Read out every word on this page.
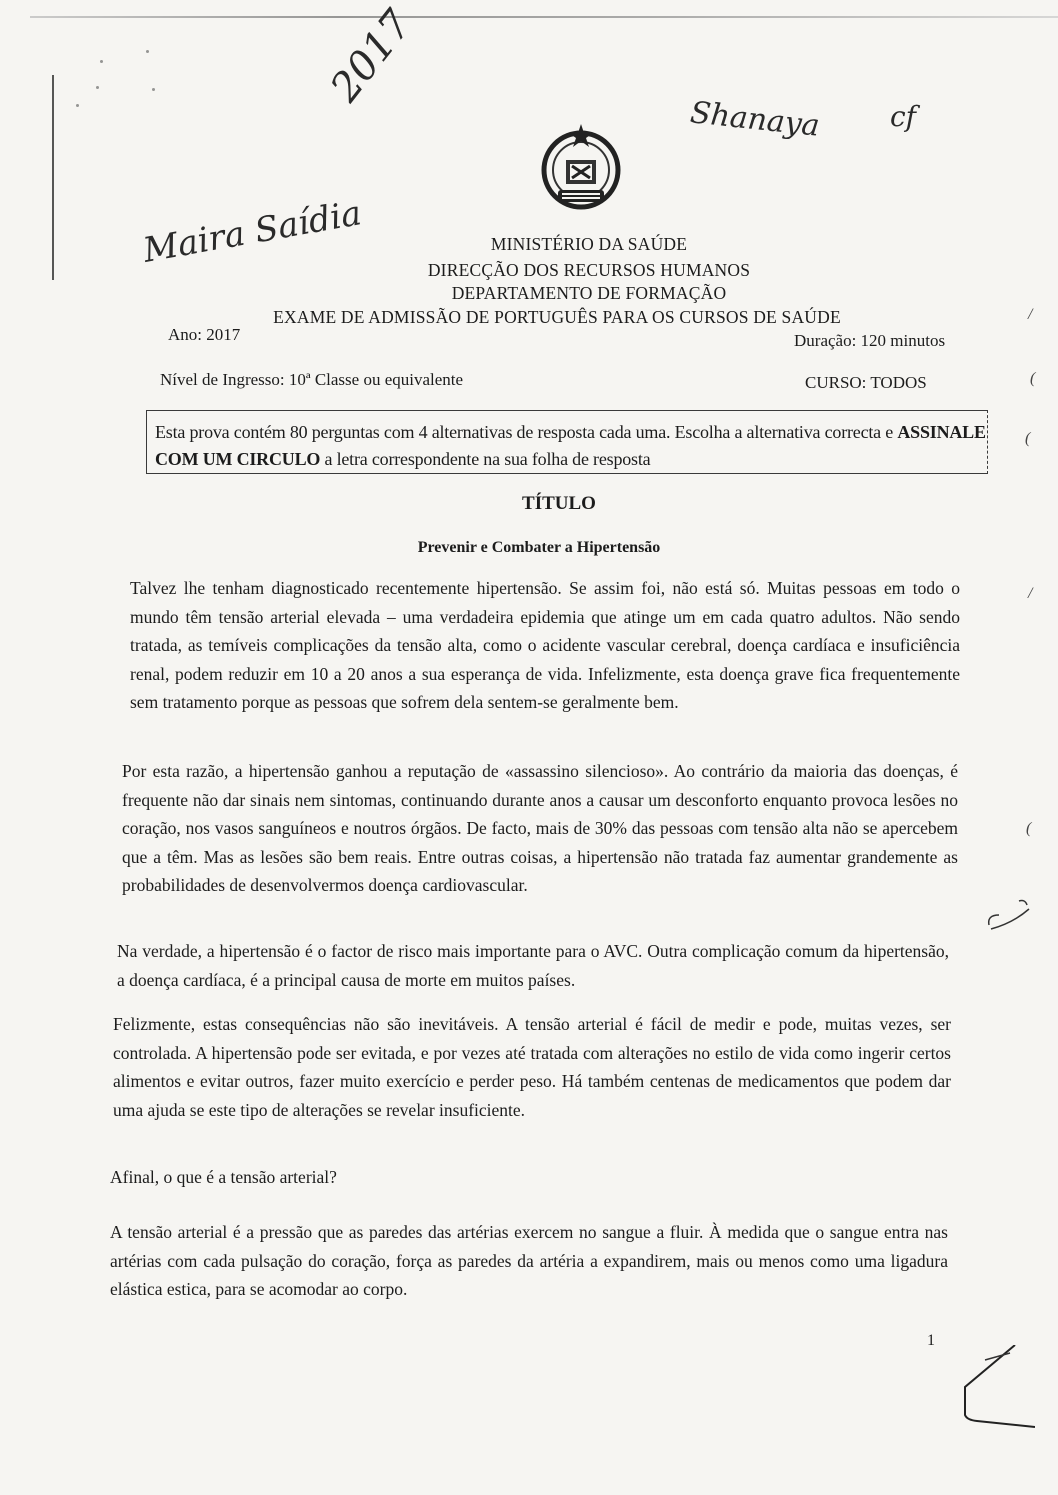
2017
Maira Saídia
Shanaya cf
MINISTÉRIO DA SAÚDE
DIRECÇÃO DOS RECURSOS HUMANOS
DEPARTAMENTO DE FORMAÇÃO
EXAME DE ADMISSÃO DE PORTUGUÊS PARA OS CURSOS DE SAÚDE
Ano: 2017	Duração: 120 minutos
Nível de Ingresso: 10ª Classe ou equivalente	CURSO: TODOS

Esta prova contém 80 perguntas com 4 alternativas de resposta cada uma. Escolha a alternativa correcta e ASSINALE COM UM CIRCULO a letra correspondente na sua folha de resposta

TÍTULO
Prevenir e Combater a Hipertensão

Talvez lhe tenham diagnosticado recentemente hipertensão. Se assim foi, não está só. Muitas pessoas em todo o mundo têm tensão arterial elevada – uma verdadeira epidemia que atinge um em cada quatro adultos. Não sendo tratada, as temíveis complicações da tensão alta, como o acidente vascular cerebral, doença cardíaca e insuficiência renal, podem reduzir em 10 a 20 anos a sua esperança de vida. Infelizmente, esta doença grave fica frequentemente sem tratamento porque as pessoas que sofrem dela sentem-se geralmente bem.

Por esta razão, a hipertensão ganhou a reputação de «assassino silencioso». Ao contrário da maioria das doenças, é frequente não dar sinais nem sintomas, continuando durante anos a causar um desconforto enquanto provoca lesões no coração, nos vasos sanguíneos e noutros órgãos. De facto, mais de 30% das pessoas com tensão alta não se apercebem que a têm. Mas as lesões são bem reais. Entre outras coisas, a hipertensão não tratada faz aumentar grandemente as probabilidades de desenvolvermos doença cardiovascular.

Na verdade, a hipertensão é o factor de risco mais importante para o AVC. Outra complicação comum da hipertensão, a doença cardíaca, é a principal causa de morte em muitos países.

Felizmente, estas consequências não são inevitáveis. A tensão arterial é fácil de medir e pode, muitas vezes, ser controlada. A hipertensão pode ser evitada, e por vezes até tratada com alterações no estilo de vida como ingerir certos alimentos e evitar outros, fazer muito exercício e perder peso. Há também centenas de medicamentos que podem dar uma ajuda se este tipo de alterações se revelar insuficiente.

Afinal, o que é a tensão arterial?

A tensão arterial é a pressão que as paredes das artérias exercem no sangue a fluir. À medida que o sangue entra nas artérias com cada pulsação do coração, força as paredes da artéria a expandirem, mais ou menos como uma ligadura elástica estica, para se acomodar ao corpo.

1
/
(
(
/
(
